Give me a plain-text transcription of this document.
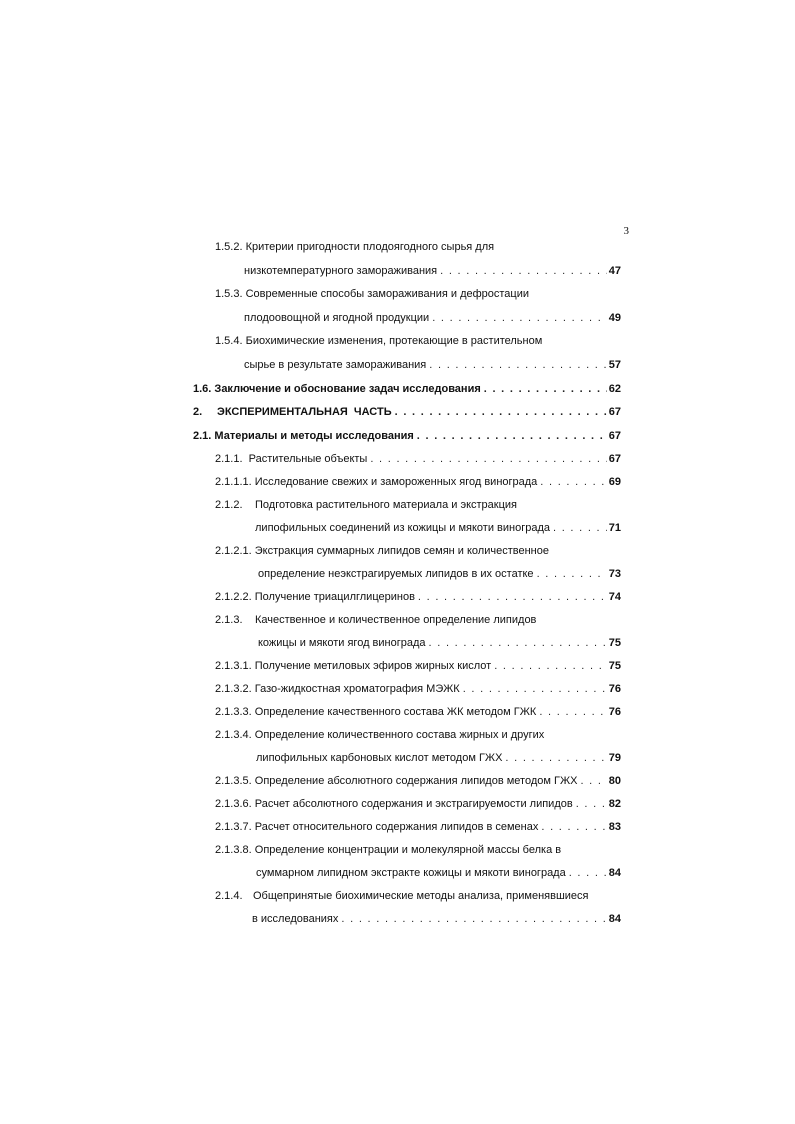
3
1.5.2.
Критерии пригодности плодоягодного сырья для
низкотемпературного замораживания . . .	47
1.5.3.
Современные способы замораживания и дефростации
плодоовощной и ягодной продукции . . .	49
1.5.4.
Биохимические изменения, протекающие в растительном
сырье в результате замораживания . . .	57
1.6.
Заключение и обоснование задач исследования . . .	62
2.	ЭКСПЕРИМЕНТАЛЬНАЯ  ЧАСТЬ . . .	67
2.1.
Материалы и методы исследования . . .	67
2.1.1.
Растительные объекты . . .	67
2.1.1.1.
Исследование свежих и замороженных ягод винограда . . .	69
2.1.2.	Подготовка растительного материала и экстракция
липофильных соединений из кожицы и мякоти винограда . . .	71
2.1.2.1.
Экстракция суммарных липидов семян и количественное
определение неэкстрагируемых липидов в их остатке . . .	73
2.1.2.2.
Получение триацилглицеринов . . .	74
2.1.3.	Качественное и количественное определение липидов
кожицы и мякоти ягод винограда . . .	75
2.1.3.1.
Получение метиловых эфиров жирных кислот . . .	75
2.1.3.2.
Газо-жидкостная хроматография МЭЖК . . .	76
2.1.3.3.
Определение качественного состава ЖК методом ГЖК . . .	76
2.1.3.4.
Определение количественного состава жирных и других
липофильных карбоновых кислот методом ГЖХ . . .	79
2.1.3.5.
Определение абсолютного содержания липидов методом ГЖХ . . .	80
2.1.3.6.
Расчет абсолютного содержания и экстрагируемости липидов . . .	82
2.1.3.7.
Расчет относительного содержания липидов в семенах . . .	83
2.1.3.8.
Определение концентрации и молекулярной массы белка в
суммарном липидном экстракте кожицы и мякоти винограда . . .	84
2.1.4. Общепринятые биохимические методы анализа, применявшиеся
в исследованиях . . .	84
